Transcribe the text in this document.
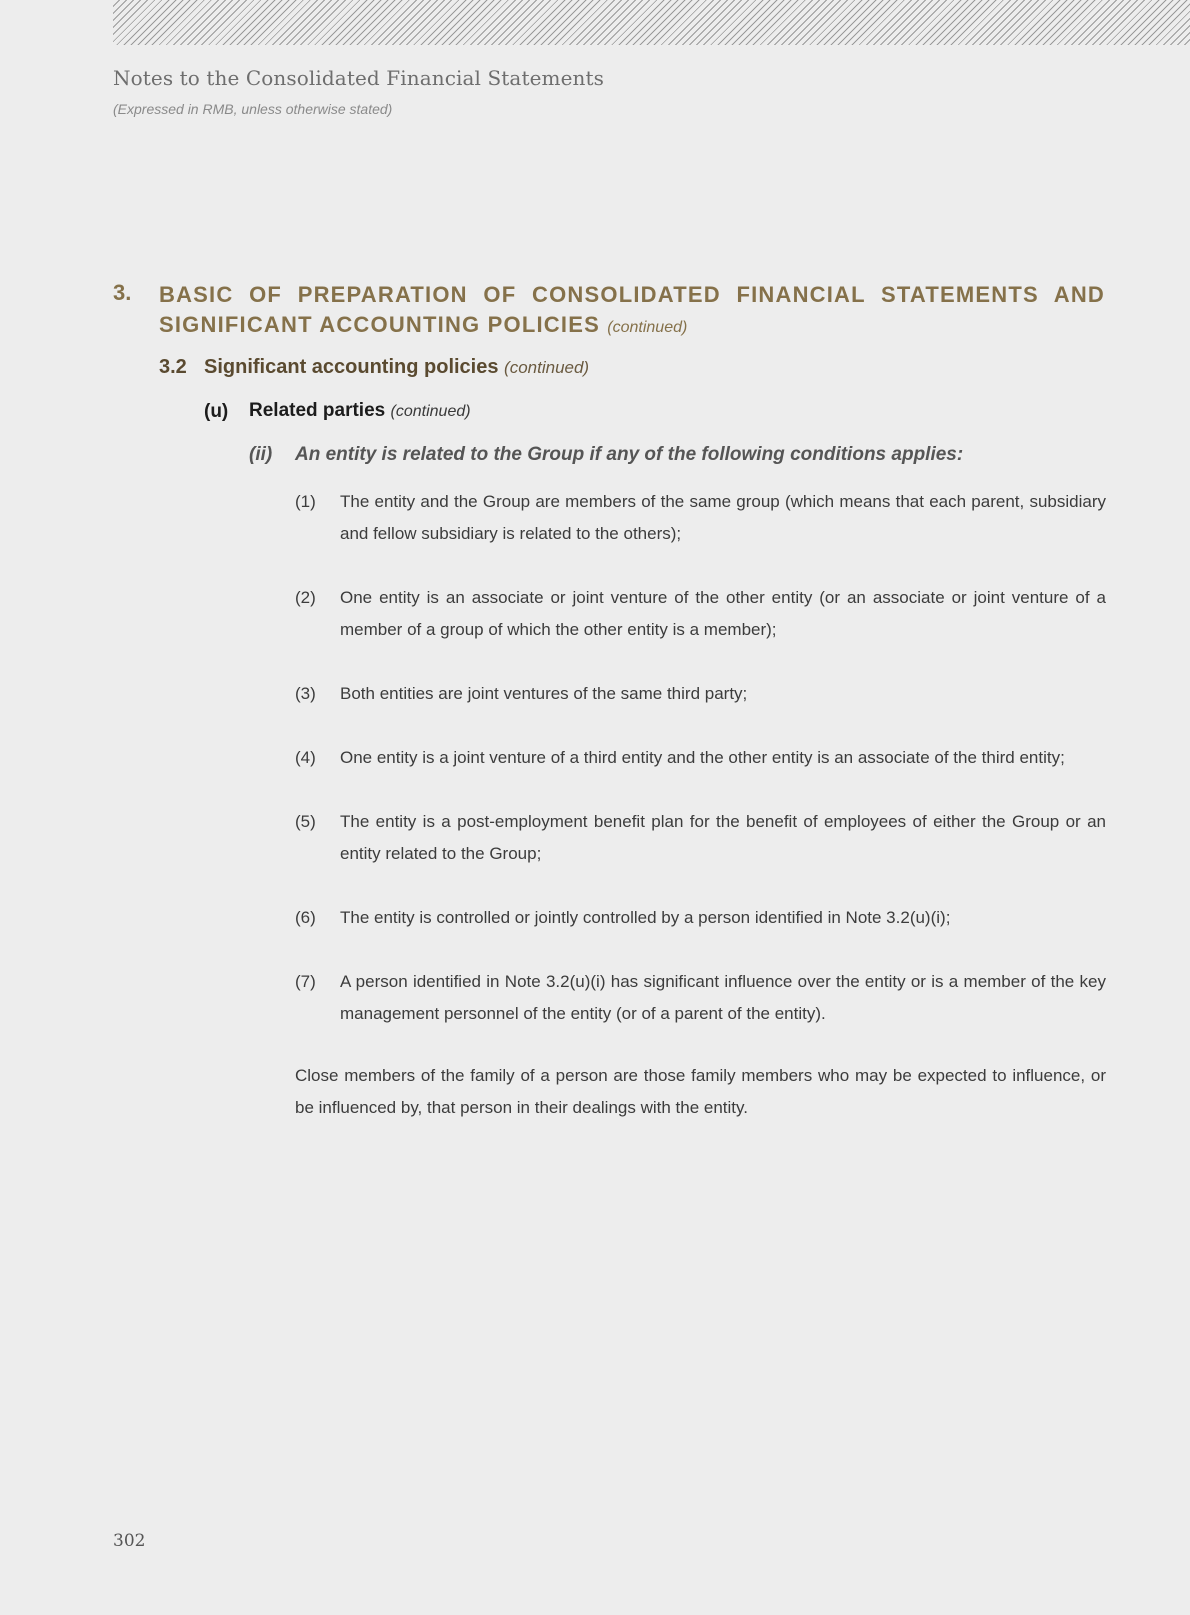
Notes to the Consolidated Financial Statements
(Expressed in RMB, unless otherwise stated)
3. BASIC OF PREPARATION OF CONSOLIDATED FINANCIAL STATEMENTS AND SIGNIFICANT ACCOUNTING POLICIES (continued)
3.2 Significant accounting policies (continued)
(u) Related parties (continued)
(ii) An entity is related to the Group if any of the following conditions applies:
(1)	The entity and the Group are members of the same group (which means that each parent, subsidiary and fellow subsidiary is related to the others);
(2)	One entity is an associate or joint venture of the other entity (or an associate or joint venture of a member of a group of which the other entity is a member);
(3)	Both entities are joint ventures of the same third party;
(4)	One entity is a joint venture of a third entity and the other entity is an associate of the third entity;
(5)	The entity is a post-employment benefit plan for the benefit of employees of either the Group or an entity related to the Group;
(6)	The entity is controlled or jointly controlled by a person identified in Note 3.2(u)(i);
(7)	A person identified in Note 3.2(u)(i) has significant influence over the entity or is a member of the key management personnel of the entity (or of a parent of the entity).
Close members of the family of a person are those family members who may be expected to influence, or be influenced by, that person in their dealings with the entity.
302
